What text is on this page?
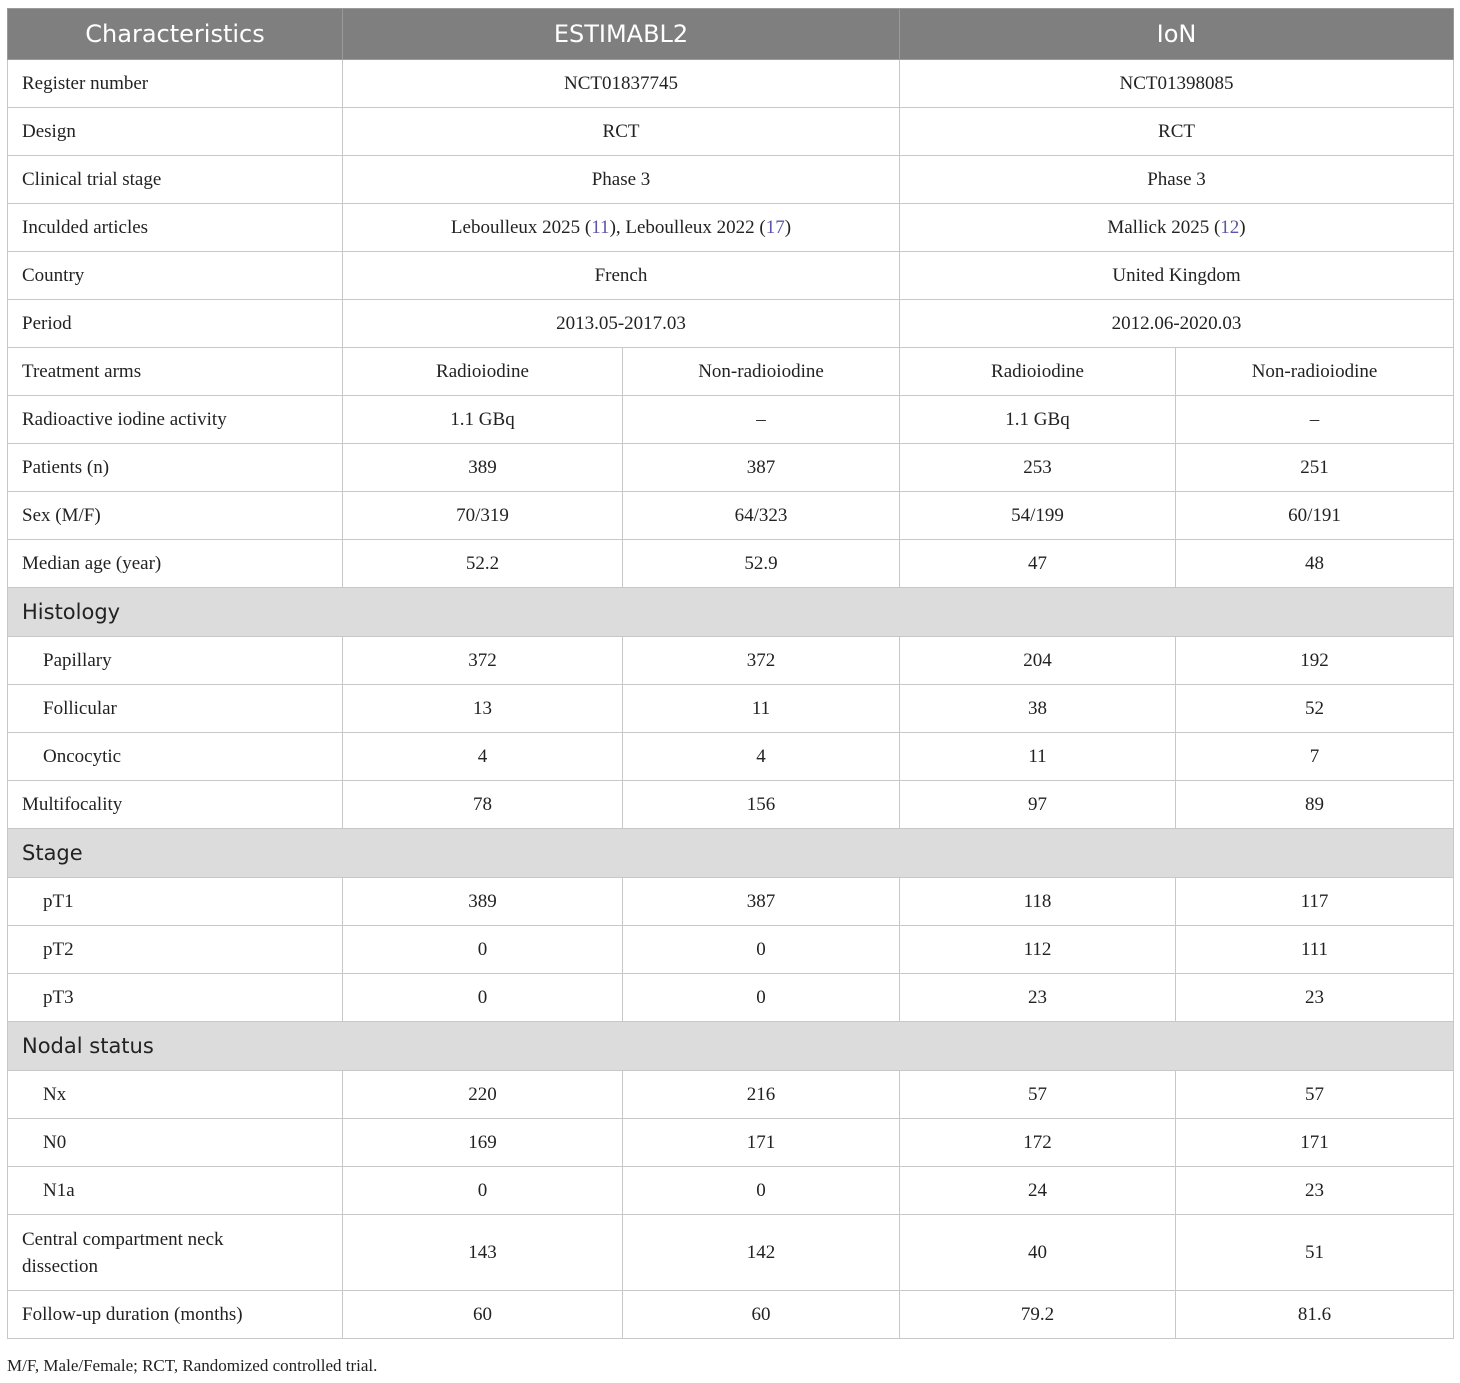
Characteristics	ESTIMABL2		IoN	
Register number	NCT01837745		NCT01398085	
Design	RCT		RCT	
Clinical trial stage	Phase 3		Phase 3	
Inculded articles	Leboulleux 2025 (11), Leboulleux 2022 (17)		Mallick 2025 (12)	
Country	French		United Kingdom	
Period	2013.05-2017.03		2012.06-2020.03	
Treatment arms	Radioiodine	Non-radioiodine	Radioiodine	Non-radioiodine
Radioactive iodine activity	1.1 GBq	–	1.1 GBq	–
Patients (n)	389	387	253	251
Sex (M/F)	70/319	64/323	54/199	60/191
Median age (year)	52.2	52.9	47	48
Histology				
Papillary	372	372	204	192
Follicular	13	11	38	52
Oncocytic	4	4	11	7
Multifocality	78	156	97	89
Stage				
pT1	389	387	118	117
pT2	0	0	112	111
pT3	0	0	23	23
Nodal status				
Nx	220	216	57	57
N0	169	171	172	171
N1a	0	0	24	23
Central compartment neck
dissection	143	142	40	51
Follow-up duration (months)	60	60	79.2	81.6
M/F, Male/Female; RCT, Randomized controlled trial.
